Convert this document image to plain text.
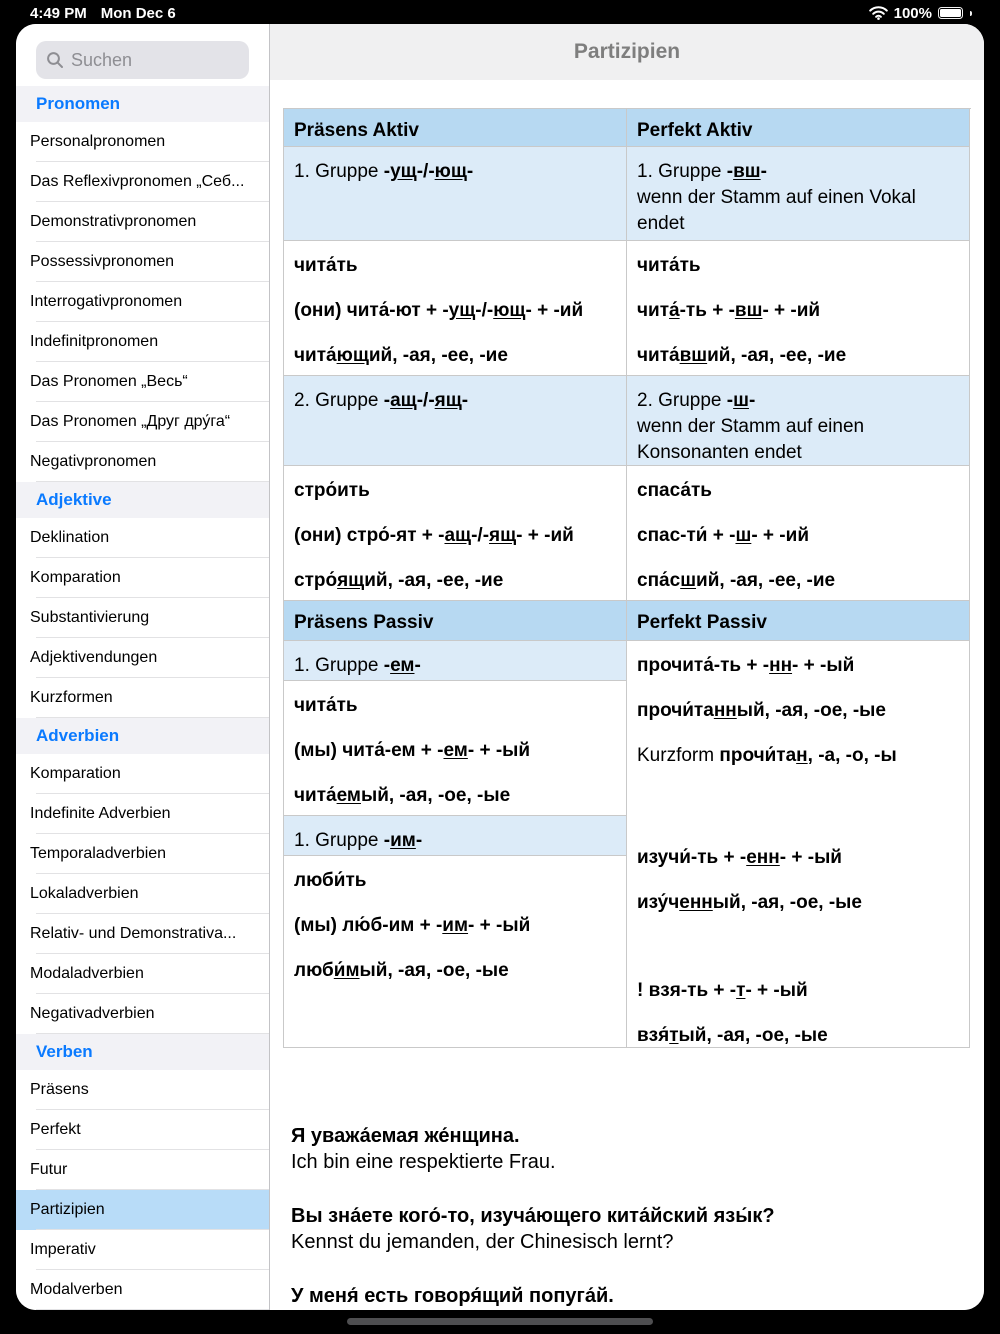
4:49 PM Mon Dec 6	100%
Suchen
Pronomen
Personalpronomen
Das Reflexivpronomen „Себ...
Demonstrativpronomen
Possessivpronomen
Interrogativpronomen
Indefinitpronomen
Das Pronomen „Весь“
Das Pronomen „Друг дру́га“
Negativpronomen
Adjektive
Deklination
Komparation
Substantivierung
Adjektivendungen
Kurzformen
Adverbien
Komparation
Indefinite Adverbien
Temporaladverbien
Lokaladverbien
Relativ- und Demonstrativa...
Modaladverbien
Negativadverbien
Verben
Präsens
Perfekt
Futur
Partizipien
Imperativ
Modalverben
Partizipien
Präsens Aktiv
1. Gruppe -ущ-/-ющ-

чита́ть

(они) чита́-ют + -ущ-/-ющ- + -ий

чита́ющий, -ая, -ее, -ие

2. Gruppe -ащ-/-ящ-

стро́ить

(они) стро́-ят + -ащ-/-ящ- + -ий

стро́ящий, -ая, -ее, -ие

Präsens Passiv
1. Gruppe -ем-

чита́ть

(мы) чита́-ем + -ем- + -ый

чита́емый, -ая, -ое, -ые

1. Gruppe -им-

люби́ть

(мы) лю́б-им + -им- + -ый

люби́мый, -ая, -ое, -ые

Perfekt Aktiv
1. Gruppe -вш-
wenn der Stamm auf einen Vokal endet

чита́ть

чита́-ть + -вш- + -ий

чита́вший, -ая, -ее, -ие

2. Gruppe -ш-
wenn der Stamm auf einen Konsonanten endet

спаса́ть

спас-ти́ + -ш- + -ий

спа́сший, -ая, -ее, -ие

Perfekt Passiv

прочита́-ть + -нн- + -ый

прочи́танный, -ая, -ое, -ые

Kurzform прочи́тан, -а, -о, -ы

изучи́-ть + -енн- + -ый

изу́ченный, -ая, -ое, -ые

! взя-ть + -т- + -ый

взя́тый, -ая, -ое, -ые

Я уважа́емая же́нщина.

Ich bin eine respektierte Frau.

Вы зна́ете кого́-то, изуча́ющего кита́йский язы́к?

Kennst du jemanden, der Chinesisch lernt?

У меня́ есть говоря́щий попуга́й.
